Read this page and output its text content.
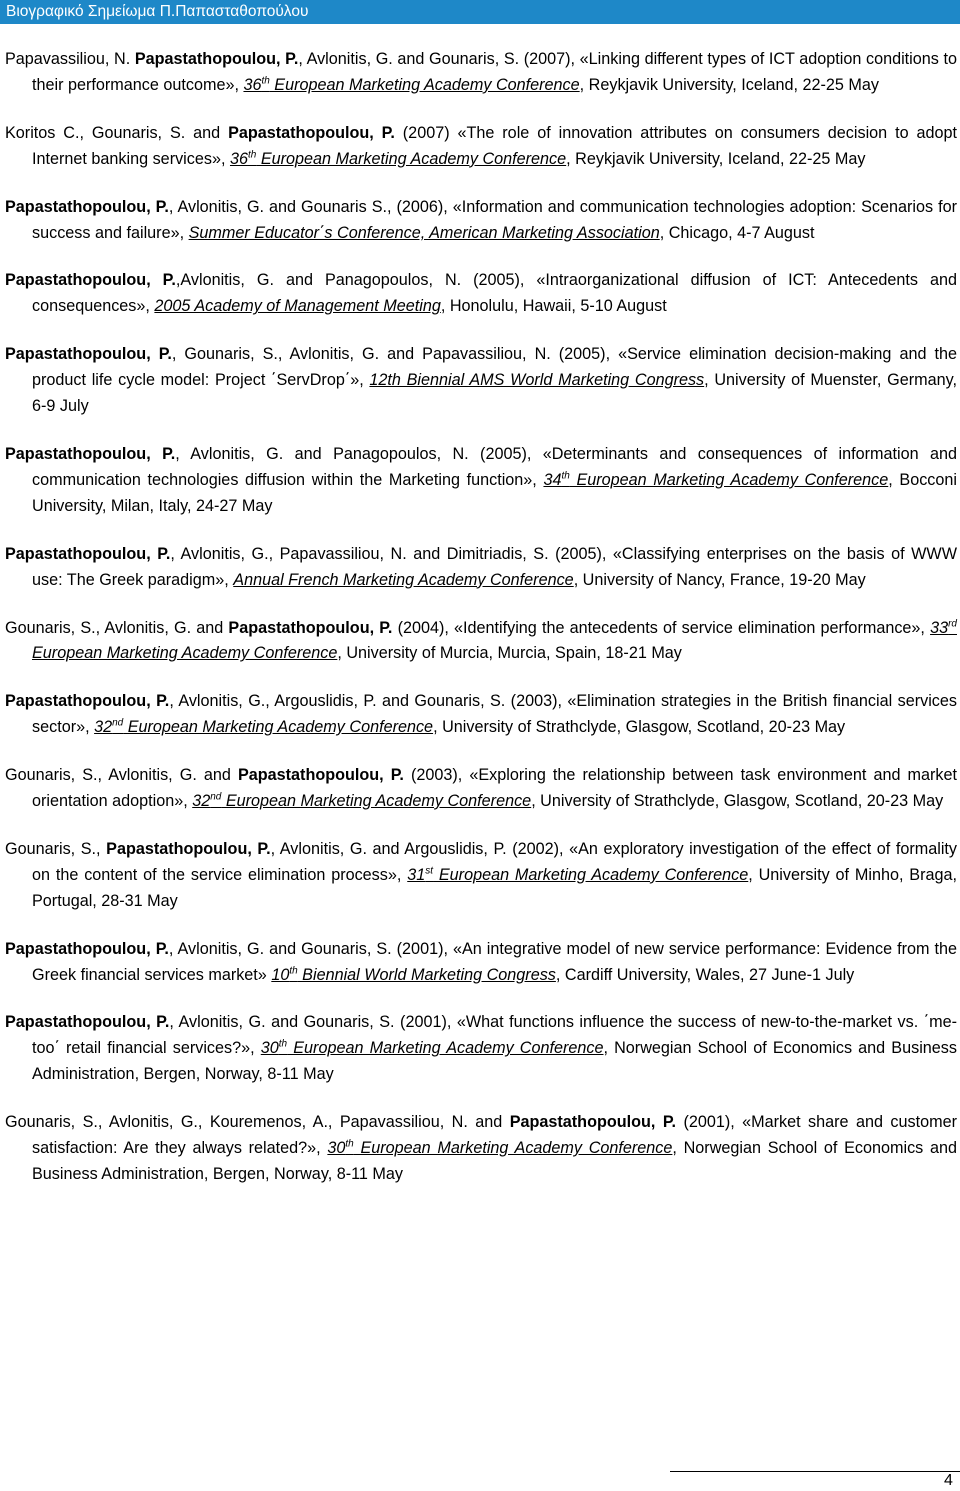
Βιογραφικό Σημείωμα Π.Παπασταθοπούλου

Papavassiliou, N. Papastathopoulou, P., Avlonitis, G. and Gounaris, S. (2007), «Linking different types of ICT adoption conditions to their performance outcome», 36th European Marketing Academy Conference, Reykjavik University, Iceland, 22-25 May

Koritos C., Gounaris, S. and Papastathopoulou, P. (2007) «The role of innovation attributes on consumers decision to adopt Internet banking services», 36th European Marketing Academy Conference, Reykjavik University, Iceland, 22-25 May

Papastathopoulou, P., Avlonitis, G. and Gounaris S., (2006), «Information and communication technologies adoption: Scenarios for success and failure», Summer Educator΄s Conference, American Marketing Association, Chicago, 4-7 August

Papastathopoulou, P.,Avlonitis, G. and Panagopoulos, N. (2005), «Intraorganizational diffusion of ICT: Antecedents and consequences», 2005 Academy of Management Meeting, Honolulu, Hawaii, 5-10 August

Papastathopoulou, P., Gounaris, S., Avlonitis, G. and Papavassiliou, N. (2005), «Service elimination decision-making and the product life cycle model: Project ΄ServDrop΄», 12th Biennial AMS World Marketing Congress, University of Muenster, Germany, 6-9 July

Papastathopoulou, P., Avlonitis, G. and Panagopoulos, N. (2005), «Determinants and consequences of information and communication technologies diffusion within the Marketing function», 34th European Marketing Academy Conference, Bocconi University, Milan, Italy, 24-27 May

Papastathopoulou, P., Avlonitis, G., Papavassiliou, N. and Dimitriadis, S. (2005), «Classifying enterprises on the basis of WWW use: The Greek paradigm», Annual French Marketing Academy Conference, University of Nancy, France, 19-20 May

Gounaris, S., Avlonitis, G. and Papastathopoulou, P. (2004), «Identifying the antecedents of service elimination performance», 33rd European Marketing Academy Conference, University of Murcia, Murcia, Spain, 18-21 May

Papastathopoulou, P., Avlonitis, G., Argouslidis, P. and Gounaris, S. (2003), «Elimination strategies in the British financial services sector», 32nd European Marketing Academy Conference, University of Strathclyde, Glasgow, Scotland, 20-23 May

Gounaris, S., Avlonitis, G. and Papastathopoulou, P. (2003), «Exploring the relationship between task environment and market orientation adoption», 32nd European Marketing Academy Conference, University of Strathclyde, Glasgow, Scotland, 20-23 May

Gounaris, S., Papastathopoulou, P., Avlonitis, G. and Argouslidis, P. (2002), «An exploratory investigation of the effect of formality on the content of the service elimination process», 31st European Marketing Academy Conference, University of Minho, Braga, Portugal, 28-31 May

Papastathopoulou, P., Avlonitis, G. and Gounaris, S. (2001), «An integrative model of new service performance: Evidence from the Greek financial services market» 10th Biennial World Marketing Congress, Cardiff University, Wales, 27 June-1 July

Papastathopoulou, P., Avlonitis, G. and Gounaris, S. (2001), «What functions influence the success of new-to-the-market vs. ΄me-too΄ retail financial services?», 30th European Marketing Academy Conference, Norwegian School of Economics and Business Administration, Bergen, Norway, 8-11 May

Gounaris, S., Avlonitis, G., Kouremenos, A., Papavassiliou, N. and Papastathopoulou, P. (2001), «Market share and customer satisfaction: Are they always related?», 30th European Marketing Academy Conference, Norwegian School of Economics and Business Administration, Bergen, Norway, 8-11 May

4
